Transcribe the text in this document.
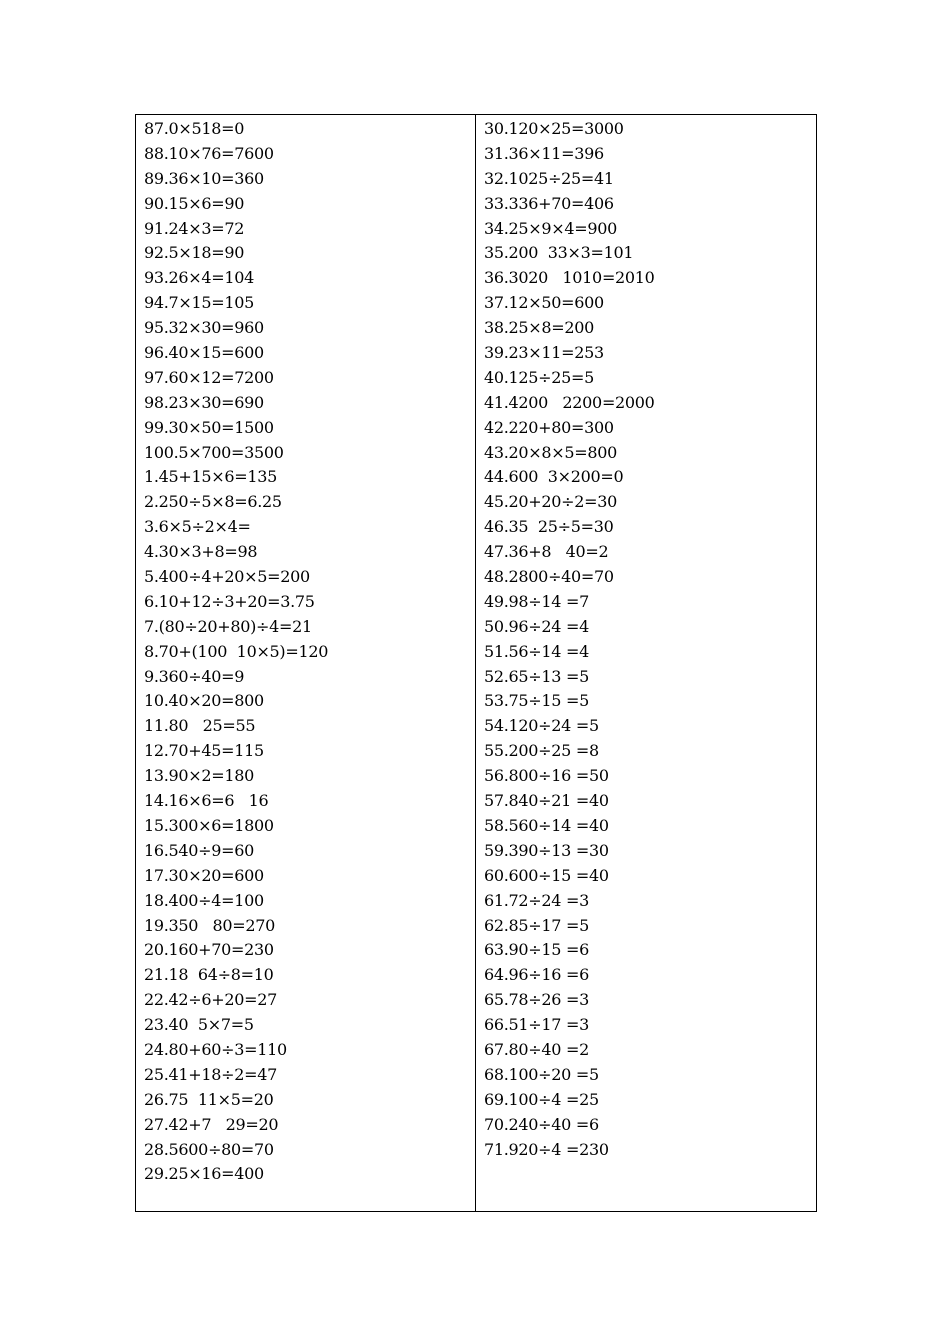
87.0×518=0
88.10×76=7600
89.36×10=360
90.15×6=90
91.24×3=72
92.5×18=90
93.26×4=104
94.7×15=105
95.32×30=960
96.40×15=600
97.60×12=7200
98.23×30=690
99.30×50=1500
100.5×700=3500
1.45+15×6=135
2.250÷5×8=6.25
3.6×5÷2×4=
4.30×3+8=98
5.400÷4+20×5=200
6.10+12÷3+20=3.75
7.(80÷20+80)÷4=21
8.70+(100  10×5)=120
9.360÷40=9
10.40×20=800
11.80   25=55
12.70+45=115
13.90×2=180
14.16×6=6   16
15.300×6=1800
16.540÷9=60
17.30×20=600
18.400÷4=100
19.350   80=270
20.160+70=230
21.18  64÷8=10
22.42÷6+20=27
23.40  5×7=5
24.80+60÷3=110
25.41+18÷2=47
26.75  11×5=20
27.42+7   29=20
28.5600÷80=70
29.25×16=400
30.120×25=3000
31.36×11=396
32.1025÷25=41
33.336+70=406
34.25×9×4=900
35.200  33×3=101
36.3020   1010=2010
37.12×50=600
38.25×8=200
39.23×11=253
40.125÷25=5
41.4200   2200=2000
42.220+80=300
43.20×8×5=800
44.600  3×200=0
45.20+20÷2=30
46.35  25÷5=30
47.36+8   40=2
48.2800÷40=70
49.98÷14 =7
50.96÷24 =4
51.56÷14 =4
52.65÷13 =5
53.75÷15 =5
54.120÷24 =5
55.200÷25 =8
56.800÷16 =50
57.840÷21 =40
58.560÷14 =40
59.390÷13 =30
60.600÷15 =40
61.72÷24 =3
62.85÷17 =5
63.90÷15 =6
64.96÷16 =6
65.78÷26 =3
66.51÷17 =3
67.80÷40 =2
68.100÷20 =5
69.100÷4 =25
70.240÷40 =6
71.920÷4 =230
